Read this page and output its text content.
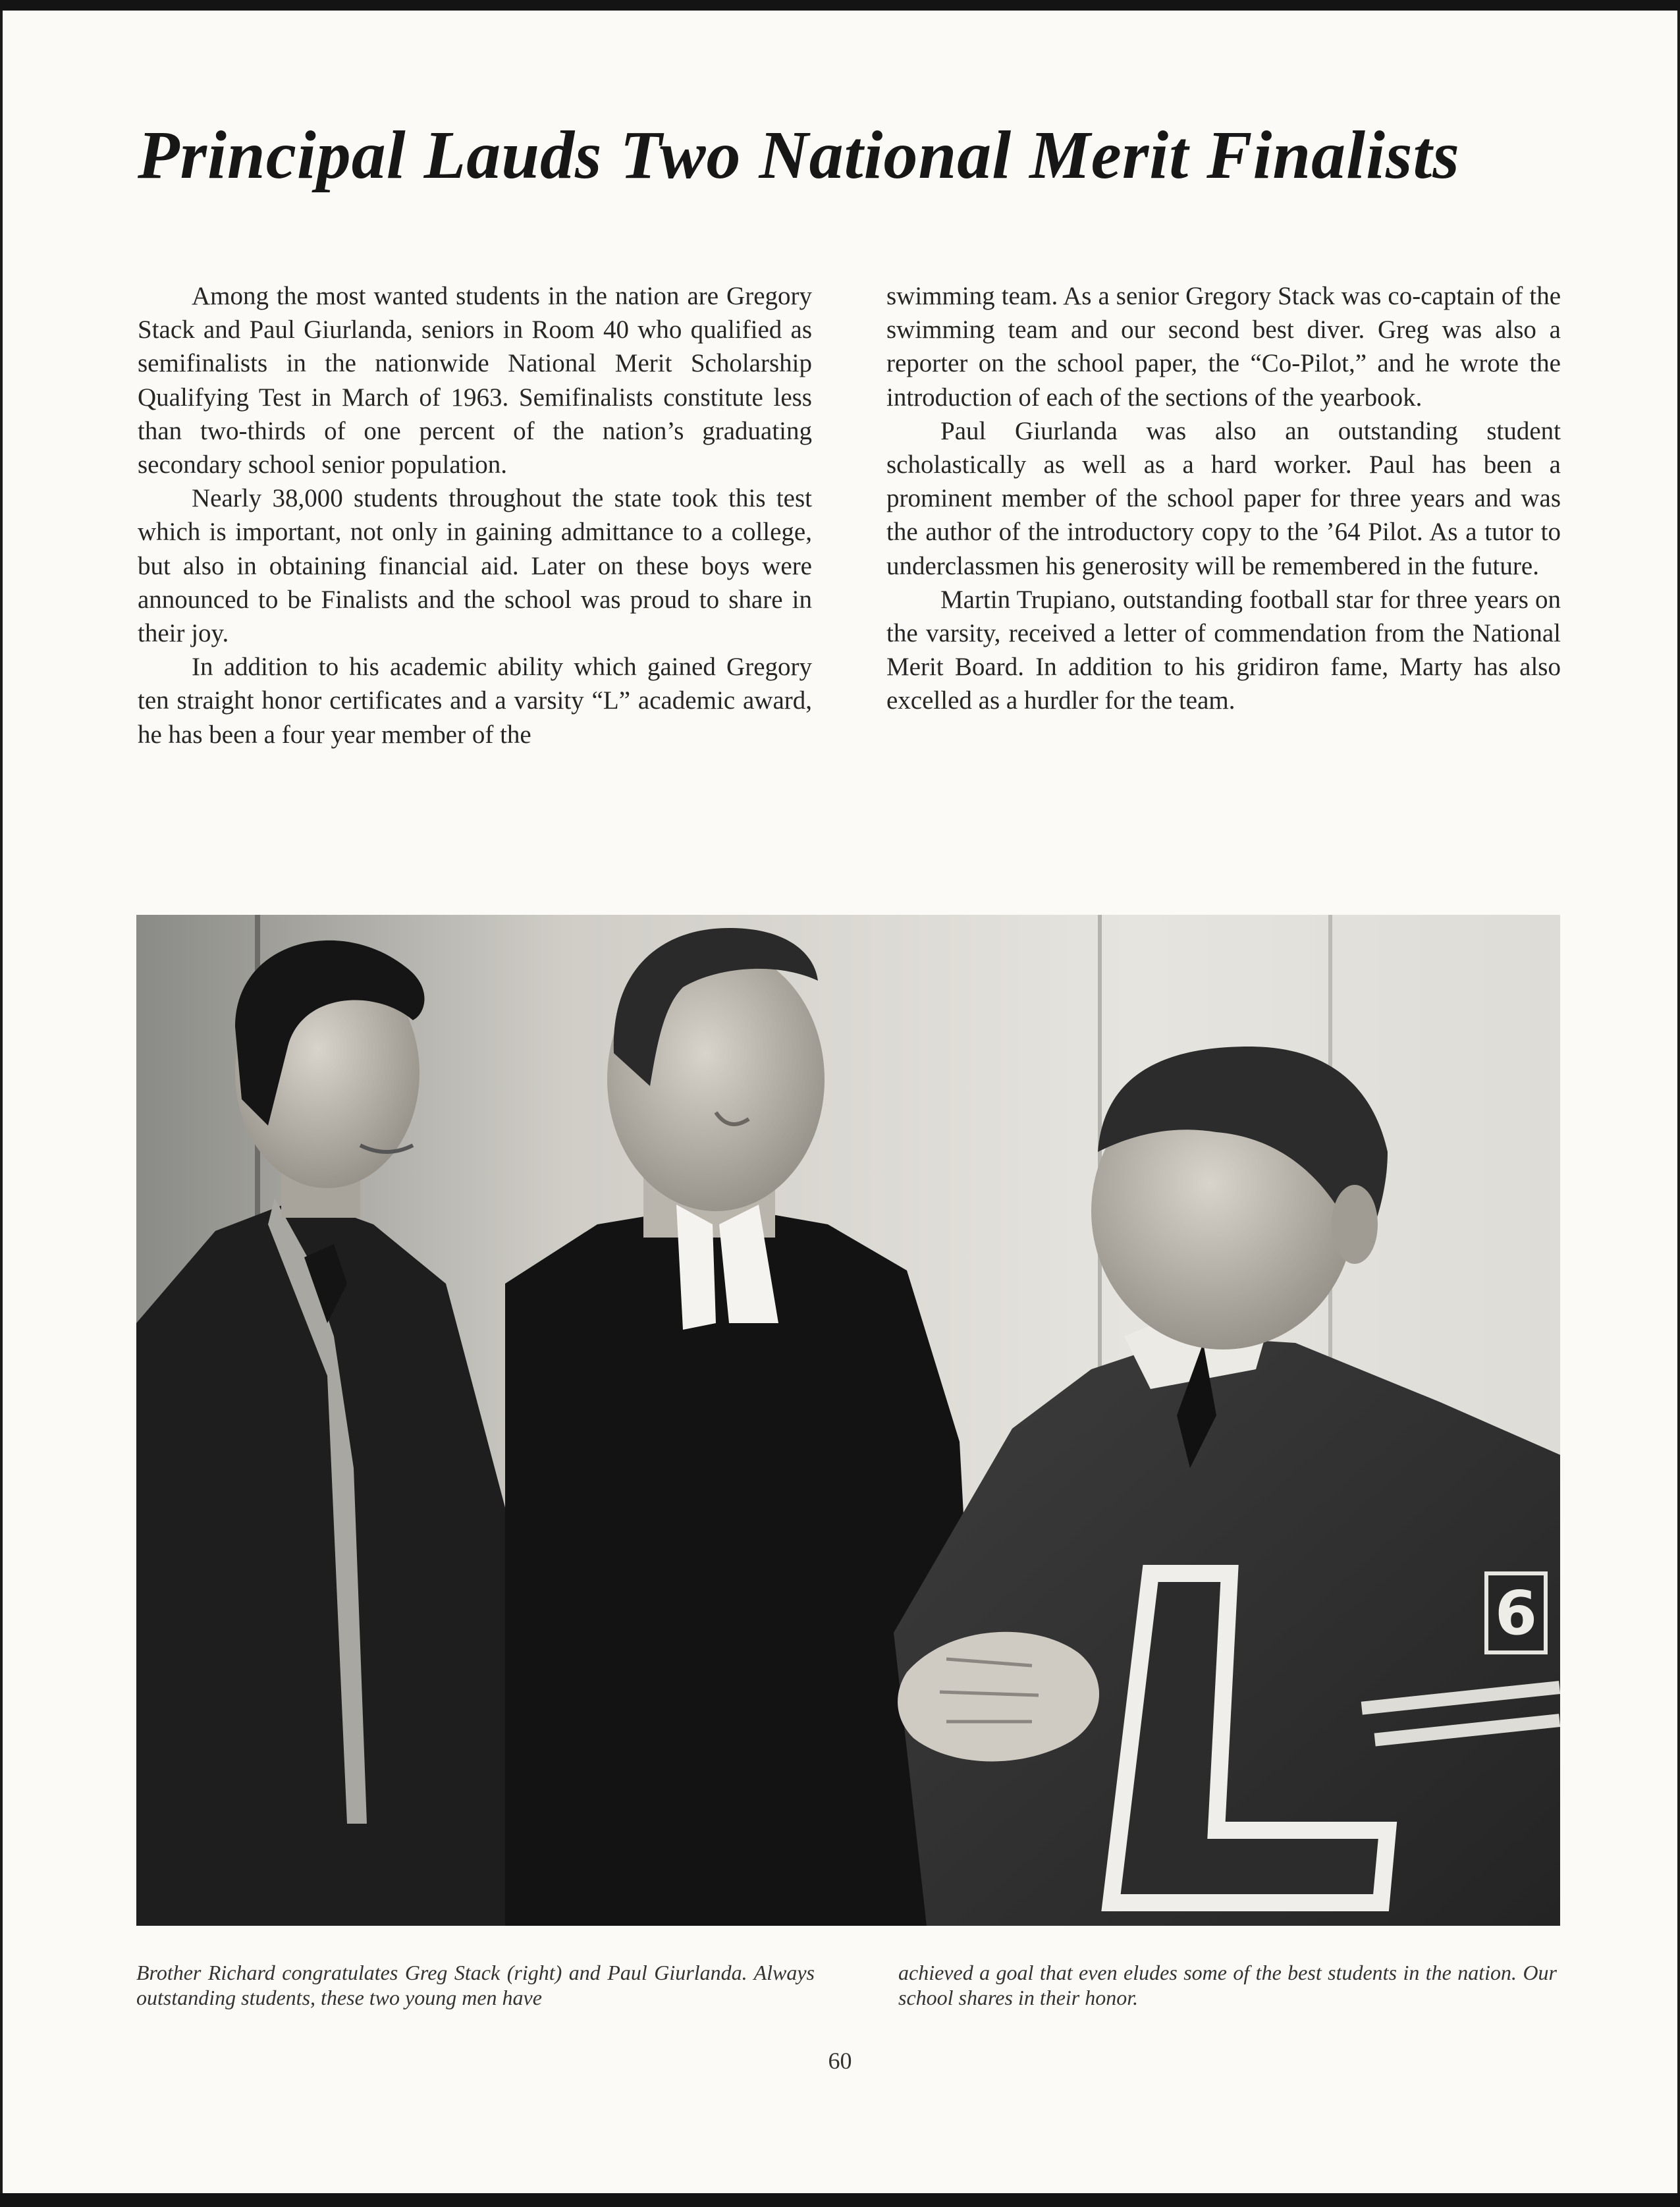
Principal Lauds Two National Merit Finalists

Among the most wanted students in the nation are Gregory Stack and Paul Giurlanda, seniors in Room 40 who qualified as semifinalists in the nationwide National Merit Scholarship Qualifying Test in March of 1963. Semifinalists constitute less than two-thirds of one percent of the nation’s graduating secondary school senior population.

Nearly 38,000 students throughout the state took this test which is important, not only in gaining admittance to a college, but also in obtaining financial aid. Later on these boys were announced to be Finalists and the school was proud to share in their joy.

In addition to his academic ability which gained Gregory ten straight honor certificates and a varsity “L” academic award, he has been a four year member of the

swimming team. As a senior Gregory Stack was co-captain of the swimming team and our second best diver. Greg was also a reporter on the school paper, the “Co-Pilot,” and he wrote the introduction of each of the sections of the yearbook.

Paul Giurlanda was also an outstanding student scholastically as well as a hard worker. Paul has been a prominent member of the school paper for three years and was the author of the introductory copy to the ’64 Pilot. As a tutor to underclassmen his generosity will be remembered in the future.

Martin Trupiano, outstanding football star for three years on the varsity, received a letter of commendation from the National Merit Board. In addition to his gridiron fame, Marty has also excelled as a hurdler for the team.

L
6
Brother Richard congratulates Greg Stack (right) and Paul Giurlanda. Always outstanding students, these two young men have
achieved a goal that even eludes some of the best students in the nation. Our school shares in their honor.
60
